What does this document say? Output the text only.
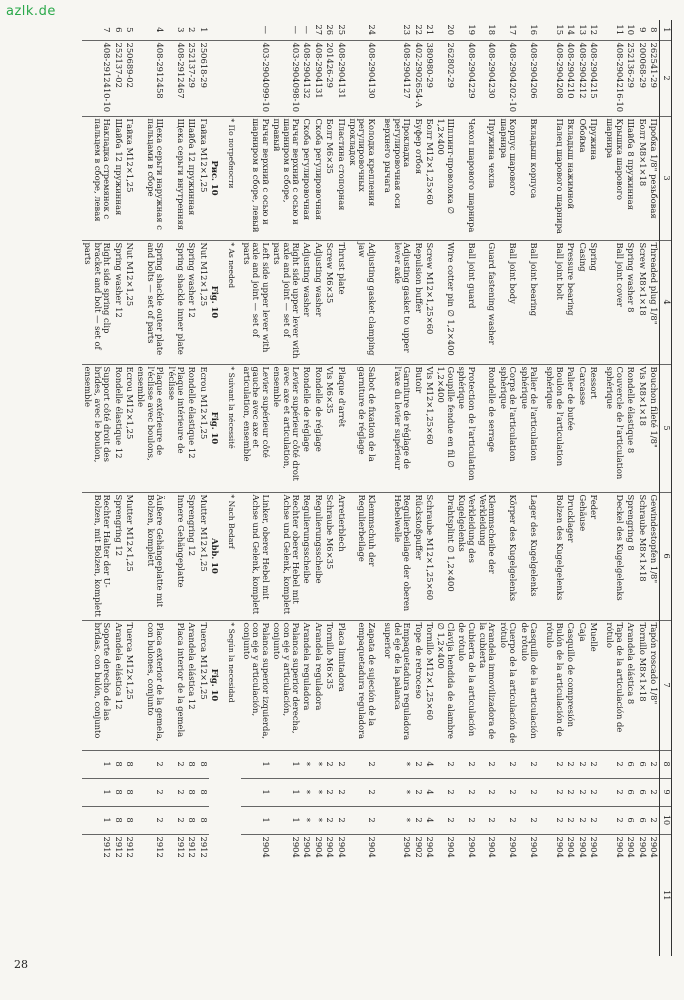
azlk.de
1	2	3	4	5	6	7	8	9	10	11
8	262541-29	Пробка 1/8" резьбовая	Threaded plug 1/8"	Bouchon fileté 1/8"	Gewindestopfen 1/8"	Tapón roscado 1/8"	2	2	2	2904
9	200068-29	Болт М8×1×18	Screw M8×1×18	Vis M8×1×18	Schraube M8×1×18	Tornillo M8×1×18	6	6	6	2904
10	252136-29	Шайба 8 пружинная	Spring washer 8	Rondelle élastique 8	Sprengring 8	Arandela elástica 8	6	6	6	2904
11	408-2904216-10	Крышка шарового шарнира	Ball joint cover	Couvercle de l'articulation sphérique	Deckel des Kugelgelenks	Tapa de la articulación de rótulo	2	2	2	2904
12	408-2904215	Пружина	Spring	Ressort	Feder	Muelle	2	2	2	2904
13	408-2904212	Обойма	Casing	Carcasse	Gehäuse	Caja	2	2	2	2904
14	408-2904210	Вкладыш нажимной	Pressure bearing	Palier de butée	Drucklager	Casquillo de compresión	2	2	2	2904
15	408-2904208	Палец шарового шарнира	Ball joint bolt	Boulon de l'articulation sphérique	Bolzen des Kugelgelenks	Bulón de la articulación de rótulo	2	2	2	2904
16	408-2904206	Вкладыш корпуса	Ball joint bearing	Palier de l'articulation sphérique	Lager des Kugelgelenks	Casquillo de la articulación de rótulo	2	2	2	2904
17	408-2904202-10	Корпус шарового шарнира	Ball joint body	Corps de l'articulation sphérique	Körper des Kugelgelenks	Cuerpo de la articulación de rótulo	2	2	2	2904
18	408-2904230	Пружина чехла	Guard fastening washer	Rondelle de serrage	Klemmscheibe der Verkleidung	Arandela inmovilizadora de la cubierta	2	2	2	2904
19	408-2904229	Чехол шарового шарнира	Ball joint guard	Protection de l'articulation sphérique	Verkleidung des Kugelgelenks	Cubierta de la articulación de rótulo	2	2	2	2904
20	262802-29	Шплинт-проволока ∅ 1,2×400	Wire cotter pin ∅ 1,2×400	Goupille fendue en fil ∅ 1,2×400	Drahtsplint ∅ 1,2×400	Clavija hendida de alambre ∅ 1,2×400	2	2	2	2904
21	380980-29	Болт М12×1,25×60	Screw M12×1,25×60	Vis M12×1,25×60	Schraube M12×1,25×60	Tornillo M12×1,25×60	4	4	4	2904
22	402-2902654-А	Буфер отбоя	Repulsion buffer	Butoir	Rückstoßpuffer	Tope de retroceso	2	2	2	2902
23	408-2904127	Прокладка регулировочная оси верхнего рычага	Adjusting gasket to upper lever axle	Garniture de réglage de l'axe du levier supérieur	Regulierbeilage der oberen Hebelwelle	Empaquetadura reguladora del eje de la palanca superior	*	*	*	2904
24	408-2904130	Колодка крепления регулировочных прокладок	Adjusting gasket clamping jaw	Sabot de fixation de la garniture de réglage	Klemmschuh der Regulierbeilage	Zapata de sujeción de la empaquetadura reguladora	2	2	2	2904
25	408-2904131	Пластина стопорная	Thrust plate	Plaque d'arrêt	Arretierblech	Placa limitadora	2	2	2	2904
26	201426-29	Болт М6×35	Screw M6×35	Vis M6×35	Schraube M6×35	Tornillo M6×35	2	2	2	2904
27	408-2904131	Скоба регулировочная	Adjusting washer	Rondelle de réglage	Regulierungsscheibe	Arandela reguladora	*	*	*	2904
—	408-2904132	Скоба регулировочная	Adjusting washer	Rondelle de réglage	Regulierungsscheibe	Arandela reguladora	*	*	*	2904
—	403-2904098-10	Рычаг верхний с осью и шарниром в сборе, правый	Right side upper lever with axle and joint — set of parts	Levier supérieur côté droit avec axe et articulation, ensemble	Rechter oberer Hebel mit Achse und Gelenk, komplett	Palanca superior derecha, con eje y articulación, conjunto	1	1	1	2904
—	403-2904099-10	Рычаг верхний с осью и шарниром в сборе, левый	Left side upper lever with axle and joint — set of parts	Levier supérieur côté gauche avec axe et articulation, ensemble	Linker, oberer Hebel mit Achse und Gelenk, komplett	Palanca superior izquierda, con eje y articulación, conjunto	1	1	1	2904
		* По потребности	* As needed	* Suivant la nécessité	* Nach Bedarf	* Según la necesidad				
		Рис. 10	Fig. 10	Fig. 10	Abb. 10	Fig. 10				
1	250618-29	Гайка М12×1,25	Nut M12×1,25	Ecrou M12×1,25	Mutter M12×1,25	Tuerca M12×1,25	8	8	8	2912
2	252137-29	Шайба 12 пружинная	Spring washer 12	Rondelle élastique 12	Sprengring 12	Arandela elástica 12	8	8	8	2912
3	408-2912467	Щека серьги внутренняя	Spring shackle inner plate	Plaque intérieure de l'éclisse	Innere Gehängeplatte	Placa interior de la gemela	2	2	2	2912
4	408-2912458	Щека серьги наружная с пальцами в сборе	Spring shackle outer plate and bolts — set of parts	Plaque extérieure de l'éclisse avec boulons, ensemble	Äußere Gehängeplatte mit Bolzen, komplett	Placa exterior de la gemela, con bulones, conjunto	2	2	2	2912
5	250689-02	Гайка М12×1,25	Nut M12×1,25	Ecrou M12×1,25	Mutter M12×1,25	Tuerca M12×1,25	8	8	8	2912
6	252137-02	Шайба 12 пружинная	Spring washer 12	Rondelle élastique 12	Sprengring 12	Arandela elástica 12	8	8	8	2912
7	408-2912410-10	Накладка стремянок с пальцем в сборе, левая	Right side spring clip bracket and bolt — set of parts	Support côté droit des brides, avec le boulon, ensemble	Rechter Halter der U-Bolzen, mit Bolzen, komplett	Soporte derecho de las bridas, con bulón, conjunto	1	1	1	2912
28
